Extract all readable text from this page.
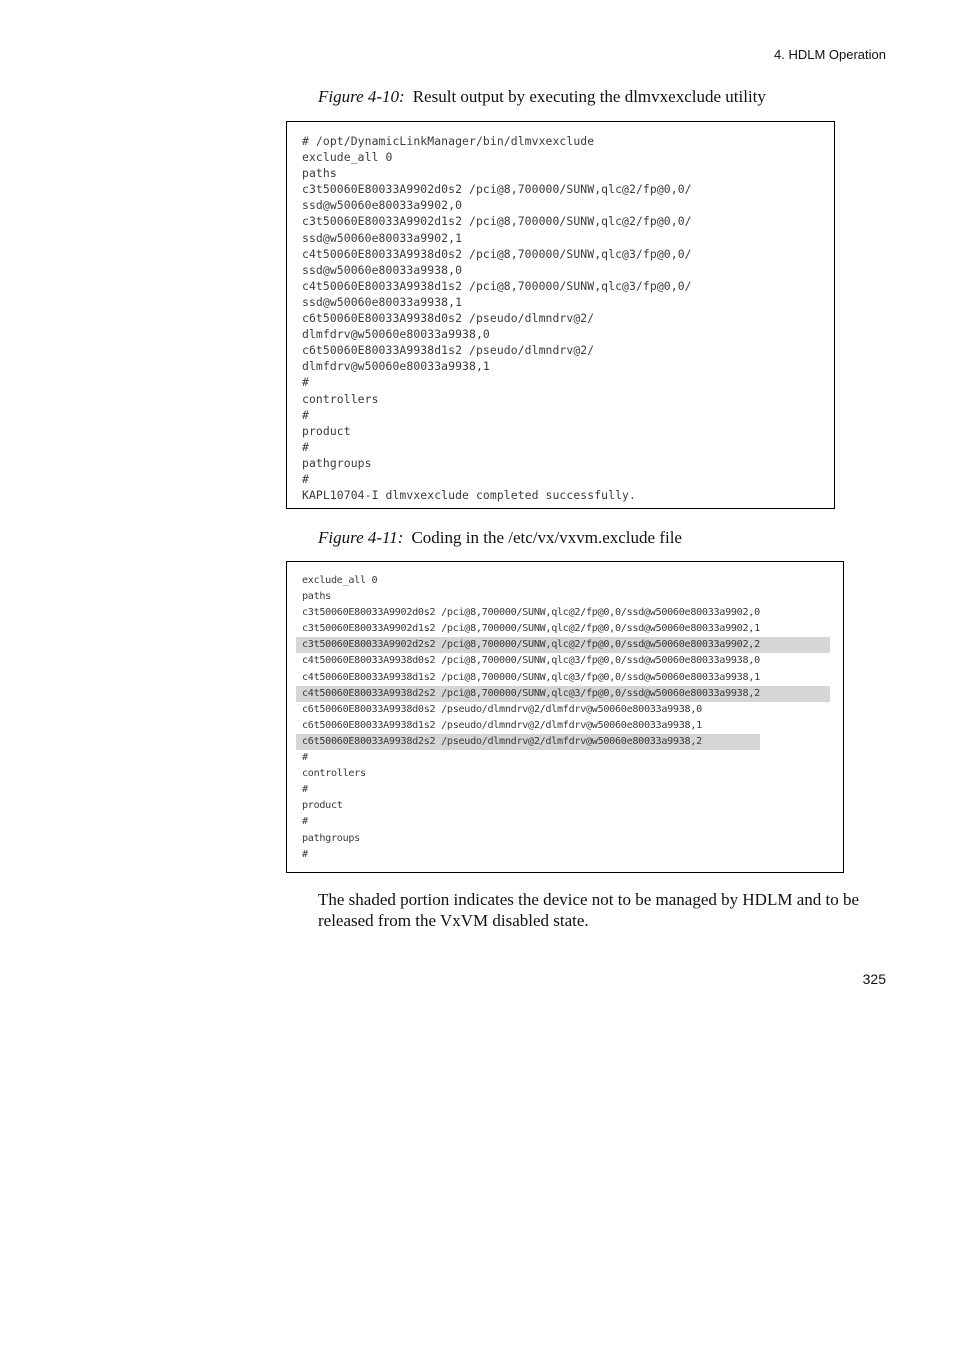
4. HDLM Operation
Figure 4-10: Result output by executing the dlmvxexclude utility
# /opt/DynamicLinkManager/bin/dlmvxexclude
exclude_all 0
paths
c3t50060E80033A9902d0s2 /pci@8,700000/SUNW,qlc@2/fp@0,0/
ssd@w50060e80033a9902,0
c3t50060E80033A9902d1s2 /pci@8,700000/SUNW,qlc@2/fp@0,0/
ssd@w50060e80033a9902,1
c4t50060E80033A9938d0s2 /pci@8,700000/SUNW,qlc@3/fp@0,0/
ssd@w50060e80033a9938,0
c4t50060E80033A9938d1s2 /pci@8,700000/SUNW,qlc@3/fp@0,0/
ssd@w50060e80033a9938,1
c6t50060E80033A9938d0s2 /pseudo/dlmndrv@2/
dlmfdrv@w50060e80033a9938,0
c6t50060E80033A9938d1s2 /pseudo/dlmndrv@2/
dlmfdrv@w50060e80033a9938,1
#
controllers
#
product
#
pathgroups
#
KAPL10704-I dlmvxexclude completed successfully.
Figure 4-11: Coding in the /etc/vx/vxvm.exclude file
exclude_all 0
paths
c3t50060E80033A9902d0s2 /pci@8,700000/SUNW,qlc@2/fp@0,0/ssd@w50060e80033a9902,0
c3t50060E80033A9902d1s2 /pci@8,700000/SUNW,qlc@2/fp@0,0/ssd@w50060e80033a9902,1
c3t50060E80033A9902d2s2 /pci@8,700000/SUNW,qlc@2/fp@0,0/ssd@w50060e80033a9902,2
c4t50060E80033A9938d0s2 /pci@8,700000/SUNW,qlc@3/fp@0,0/ssd@w50060e80033a9938,0
c4t50060E80033A9938d1s2 /pci@8,700000/SUNW,qlc@3/fp@0,0/ssd@w50060e80033a9938,1
c4t50060E80033A9938d2s2 /pci@8,700000/SUNW,qlc@3/fp@0,0/ssd@w50060e80033a9938,2
c6t50060E80033A9938d0s2 /pseudo/dlmndrv@2/dlmfdrv@w50060e80033a9938,0
c6t50060E80033A9938d1s2 /pseudo/dlmndrv@2/dlmfdrv@w50060e80033a9938,1
c6t50060E80033A9938d2s2 /pseudo/dlmndrv@2/dlmfdrv@w50060e80033a9938,2
#
controllers
#
product
#
pathgroups
#

The shaded portion indicates the device not to be managed by HDLM and to be released from the VxVM disabled state.

325
